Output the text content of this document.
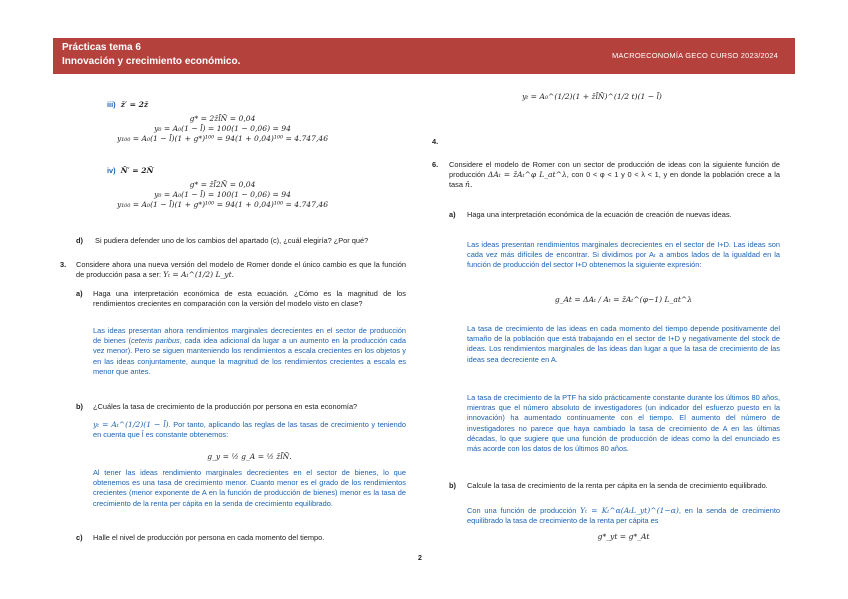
Prácticas tema 6
Innovación y crecimiento económico.
MACROECONOMÍA GECO CURSO 2023/2024
iii) z̄′ = 2z̄
g* = 2z̄l̄N̄ = 0,04
y₀ = A₀(1 − l̄) = 100(1 − 0,06) = 94
y₁₀₀ = A₀(1 − l̄)(1 + g*)¹⁰⁰ = 94(1 + 0,04)¹⁰⁰ = 4.747,46
iv) N̄′ = 2N̄
g* = z̄l̄2N̄ = 0,04
y₀ = A₀(1 − l̄) = 100(1 − 0,06) = 94
y₁₀₀ = A₀(1 − l̄)(1 + g*)¹⁰⁰ = 94(1 + 0,04)¹⁰⁰ = 4.747,46
d) Si pudiera defender uno de los cambios del apartado (c), ¿cuál elegiría? ¿Por qué?
3. Considere ahora una nueva versión del modelo de Romer donde el único cambio es que la función de producción pasa a ser: Yₜ = Aₜ^(1/2) L_yt.
a) Haga una interpretación económica de esta ecuación. ¿Cómo es la magnitud de los rendimientos crecientes en comparación con la versión del modelo visto en clase?
Las ideas presentan ahora rendimientos marginales decrecientes en el sector de producción de bienes (ceteris paribus, cada idea adicional da lugar a un aumento en la producción cada vez menor). Pero se siguen manteniendo los rendimientos a escala crecientes en los objetos y en las ideas conjuntamente, aunque la magnitud de los rendimientos crecientes a escala es menor que antes.
b) ¿Cuáles la tasa de crecimiento de la producción por persona en esta economía?
yₜ = Aₜ^(1/2)(1 − l̄). Por tanto, aplicando las reglas de las tasas de crecimiento y teniendo en cuenta que l̄ es constante obtenemos:
g_y = ½ g_A = ½ z̄l̄N̄.
Al tener las ideas rendimiento marginales decrecientes en el sector de bienes, lo que obtenemos es una tasa de crecimiento menor. Cuanto menor es el grado de los rendimientos crecientes (menor exponente de A en la función de producción de bienes) menor es la tasa de crecimiento de la renta per cápita en la senda de crecimiento equilibrado.
c) Halle el nivel de producción por persona en cada momento del tiempo.
yₜ = A₀^(1/2)(1 + z̄l̄N̄)^(1/2 t)(1 − l̄)
4.
6. Considere el modelo de Romer con un sector de producción de ideas con la siguiente función de producción ΔAₜ = z̄Aₜ^φ L_at^λ, con 0 < φ < 1 y 0 < λ < 1, y en donde la población crece a la tasa n̄.
a) Haga una interpretación económica de la ecuación de creación de nuevas ideas.
Las ideas presentan rendimientos marginales decrecientes en el sector de I+D. Las ideas son cada vez más difíciles de encontrar. Si dividimos por Aₜ a ambos lados de la igualdad en la función de producción del sector I+D obtenemos la siguiente expresión:
g_At = ΔAₜ / Aₜ = z̄Aₜ^(φ−1) L_at^λ
La tasa de crecimiento de las ideas en cada momento del tiempo depende positivamente del tamaño de la población que está trabajando en el sector de I+D y negativamente del stock de ideas. Los rendimientos marginales de las ideas dan lugar a que la tasa de crecimiento de las ideas sea decreciente en A.
La tasa de crecimiento de la PTF ha sido prácticamente constante durante los últimos 80 años, mientras que el número absoluto de investigadores (un indicador del esfuerzo puesto en la innovación) ha aumentado continuamente con el tiempo. El aumento del número de investigadores no parece que haya cambiado la tasa de crecimiento de A en las últimas décadas, lo que sugiere que una función de producción de ideas como la del enunciado es más acorde con los datos de los últimos 80 años.
b) Calcule la tasa de crecimiento de la renta per cápita en la senda de crecimiento equilibrado.
Con una función de producción Yₜ = Kₜ^α(AₜL_yt)^(1−α), en la senda de crecimiento equilibrado la tasa de crecimiento de la renta per cápita es
g*_yt = g*_At
2
